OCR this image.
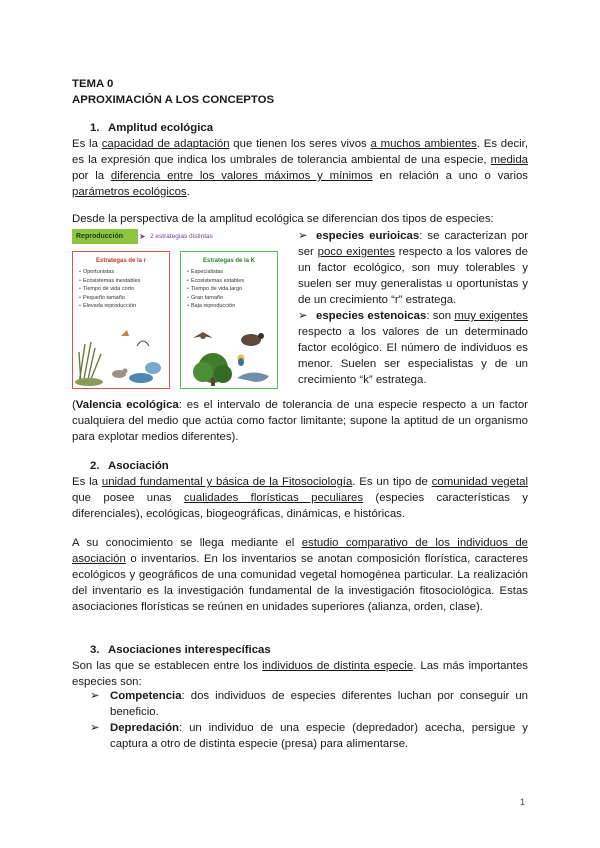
TEMA 0
APROXIMACIÓN A LOS CONCEPTOS
1. Amplitud ecológica
Es la capacidad de adaptación que tienen los seres vivos a muchos ambientes. Es decir, es la expresión que indica los umbrales de tolerancia ambiental de una especie, medida por la diferencia entre los valores máximos y mínimos en relación a uno o varios parámetros ecológicos.
Desde la perspectiva de la amplitud ecológica se diferencian dos tipos de especies:
Reproducción	➤ 2 estrategias distintas
Estrategas de la r
• Oportunistas
• Ecosistemas inestables
• Tiempo de vida corto
• Pequeño tamaño
• Elevada reproducción
Estrategas de la K
• Especialistas
• Ecosistemas estables
• Tiempo de vida largo
• Gran tamaño
• Baja reproducción
➢ especies eurioicas: se caracterizan por ser poco exigentes respecto a los valores de un factor ecológico, son muy tolerables y suelen ser muy generalistas u oportunistas y de un crecimiento “r” estratega.
➢ especies estenoicas: son muy exigentes respecto a los valores de un determinado factor ecológico. El número de individuos es menor. Suelen ser especialistas y de un crecimiento “k” estratega.
(Valencia ecológica: es el intervalo de tolerancia de una especie respecto a un factor cualquiera del medio que actúa como factor limitante; supone la aptitud de un organismo para explotar medios diferentes).
2. Asociación
Es la unidad fundamental y básica de la Fitosociología. Es un tipo de comunidad vegetal que posee unas cualidades florísticas peculiares (especies características y diferenciales), ecológicas, biogeográficas, dinámicas, e históricas.
A su conocimiento se llega mediante el estudio comparativo de los individuos de asociación o inventarios. En los inventarios se anotan composición florística, caracteres ecológicos y geográficos de una comunidad vegetal homogénea particular. La realización del inventario es la investigación fundamental de la investigación fitosociológica. Estas asociaciones florísticas se reúnen en unidades superiores (alianza, orden, clase).
3. Asociaciones interespecíficas
Son las que se establecen entre los individuos de distinta especie. Las más importantes especies son:
➢ Competencia: dos individuos de especies diferentes luchan por conseguir un beneficio.
➢ Depredación: un individuo de una especie (depredador) acecha, persigue y captura a otro de distinta especie (presa) para alimentarse.
1
